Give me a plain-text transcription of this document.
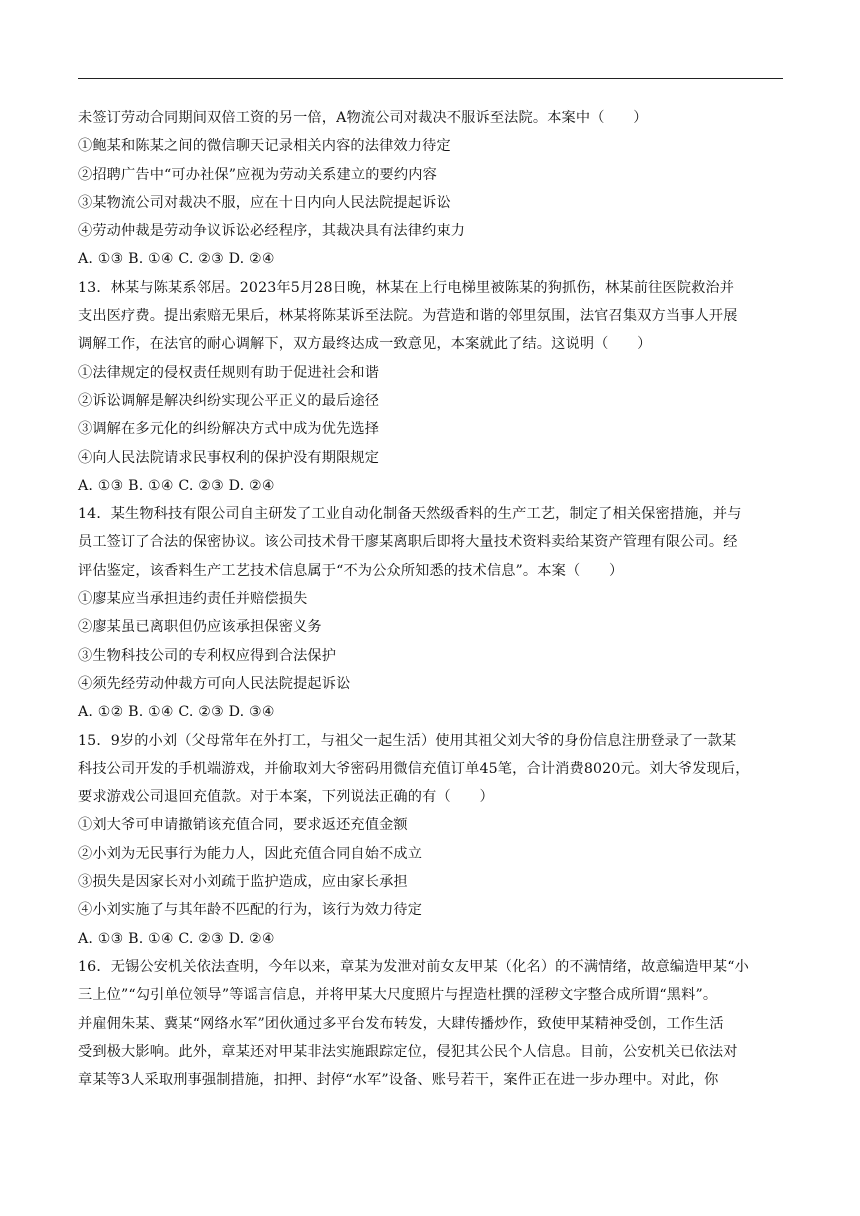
未签订劳动合同期间双倍工资的另一倍，A物流公司对裁决不服诉至法院。本案中（　　）
①鲍某和陈某之间的微信聊天记录相关内容的法律效力待定
②招聘广告中“可办社保”应视为劳动关系建立的要约内容
③某物流公司对裁决不服，应在十日内向人民法院提起诉讼
④劳动仲裁是劳动争议诉讼必经程序，其裁决具有法律约束力
A. ①③ B. ①④ C. ②③ D. ②④
13．林某与陈某系邻居。2023年5月28日晚，林某在上行电梯里被陈某的狗抓伤，林某前往医院救治并
支出医疗费。提出索赔无果后，林某将陈某诉至法院。为营造和谐的邻里氛围，法官召集双方当事人开展
调解工作，在法官的耐心调解下，双方最终达成一致意见，本案就此了结。这说明（　　）
①法律规定的侵权责任规则有助于促进社会和谐
②诉讼调解是解决纠纷实现公平正义的最后途径
③调解在多元化的纠纷解决方式中成为优先选择
④向人民法院请求民事权利的保护没有期限规定
A. ①③ B. ①④ C. ②③ D. ②④
14．某生物科技有限公司自主研发了工业自动化制备天然级香料的生产工艺，制定了相关保密措施，并与
员工签订了合法的保密协议。该公司技术骨干廖某离职后即将大量技术资料卖给某资产管理有限公司。经
评估鉴定，该香料生产工艺技术信息属于“不为公众所知悉的技术信息”。本案（　　）
①廖某应当承担违约责任并赔偿损失
②廖某虽已离职但仍应该承担保密义务
③生物科技公司的专利权应得到合法保护
④须先经劳动仲裁方可向人民法院提起诉讼
A. ①② B. ①④ C. ②③ D. ③④
15．9岁的小刘（父母常年在外打工，与祖父一起生活）使用其祖父刘大爷的身份信息注册登录了一款某
科技公司开发的手机端游戏，并偷取刘大爷密码用微信充值订单45笔，合计消费8020元。刘大爷发现后，
要求游戏公司退回充值款。对于本案，下列说法正确的有（　　）
①刘大爷可申请撤销该充值合同，要求返还充值金额
②小刘为无民事行为能力人，因此充值合同自始不成立
③损失是因家长对小刘疏于监护造成，应由家长承担
④小刘实施了与其年龄不匹配的行为，该行为效力待定
A. ①③ B. ①④ C. ②③ D. ②④
16．无锡公安机关依法查明，今年以来，章某为发泄对前女友甲某（化名）的不满情绪，故意编造甲某“小
三上位”“勾引单位领导”等谣言信息，并将甲某大尺度照片与捏造杜撰的淫秽文字整合成所谓“黑料”。
并雇佣朱某、冀某“网络水军”团伙通过多平台发布转发，大肆传播炒作，致使甲某精神受创，工作生活
受到极大影响。此外，章某还对甲某非法实施跟踪定位，侵犯其公民个人信息。目前，公安机关已依法对
章某等3人采取刑事强制措施，扣押、封停“水军”设备、账号若干，案件正在进一步办理中。对此，你
